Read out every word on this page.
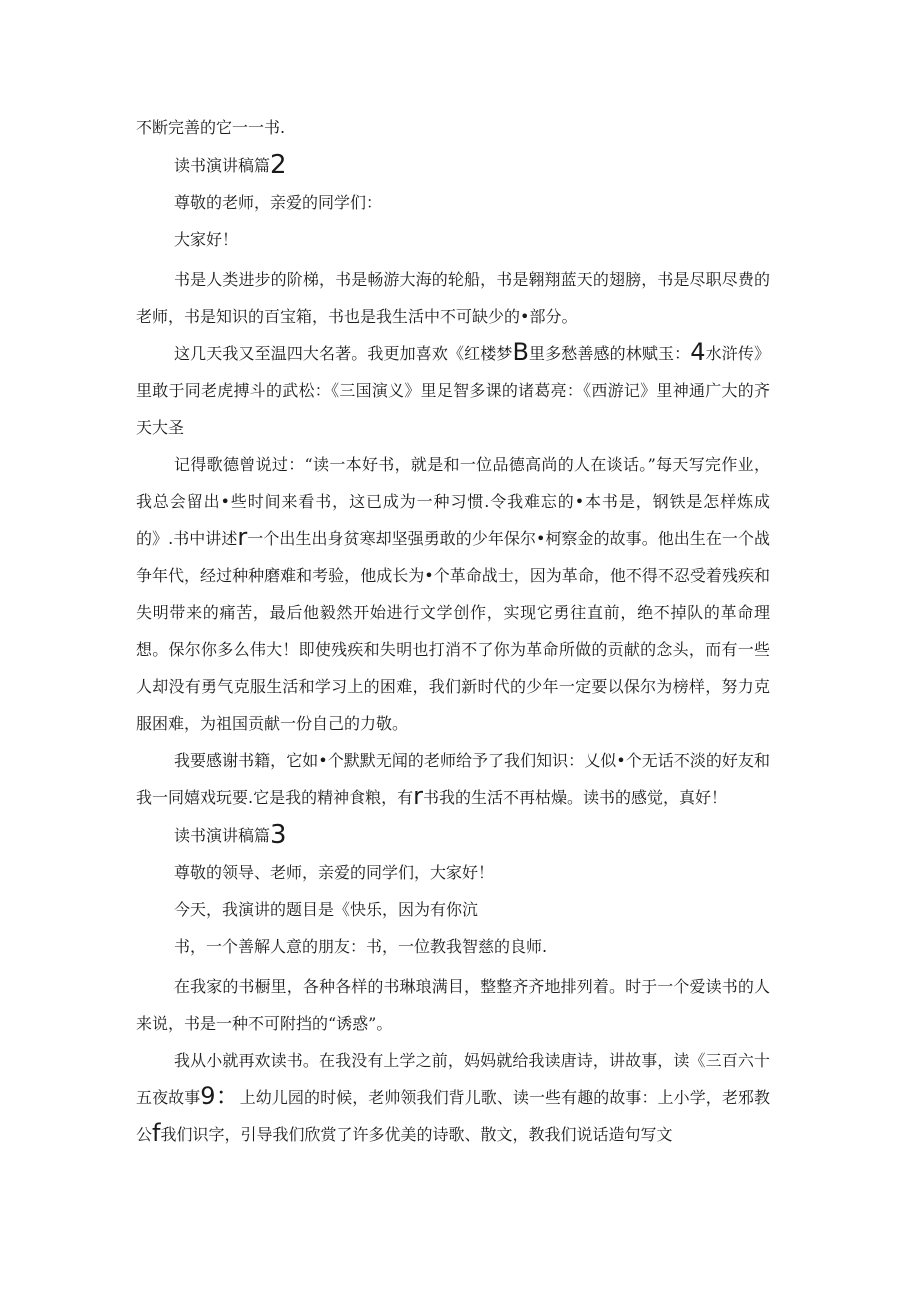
不断完善的它一一书.
读书演讲稿篇2
尊敬的老师，亲爱的同学们：
大家好！
书是人类进步的阶梯，书是畅游大海的轮船，书是翱翔蓝天的翅膀，书是尽职尽费的老师，书是知识的百宝箱，书也是我生活中不可缺少的•部分。
这几天我又至温四大名著。我更加喜欢《红楼梦B里多愁善感的林赋玉：4水浒传》里敢于同老虎搏斗的武松：《三国演义》里足智多课的诸葛亮：《西游记》里神通广大的齐天大圣
记得歌德曾说过：“读一本好书，就是和一位品德高尚的人在谈话。”每天写完作业，我总会留出•些时间来看书，这已成为一种习惯.令我难忘的•本书是，钢铁是怎样炼成的》.书中讲述r一个出生出身贫寒却坚强勇敢的少年保尔•柯察金的故事。他出生在一个战争年代，经过种种磨难和考验，他成长为•个革命战士，因为革命，他不得不忍受着残疾和失明带来的痛苦，最后他毅然开始进行文学创作，实现它勇往直前，绝不掉队的革命理想。保尔你多么伟大！即使残疾和失明也打消不了你为革命所做的贡献的念头，而有一些人却没有勇气克服生活和学习上的困难，我们新时代的少年一定要以保尔为榜样，努力克服困难，为祖国贡献一份自己的力敬。
我要感谢书籍，它如•个默默无闻的老师给予了我们知识：乂似•个无话不淡的好友和我一同嬉戏玩要.它是我的精神食粮，有r书我的生活不再枯燥。读书的感觉，真好！
读书演讲稿篇3
尊敬的领导、老师，亲爱的同学们，大家好！
今天，我演讲的题目是《快乐，因为有你沆
书，一个善解人意的朋友：书，一位教我智慈的良师.
在我家的书橱里，各种各样的书琳琅满目，整整齐齐地排列着。时于一个爱读书的人来说，书是一种不可附挡的“诱惑”。
我从小就再欢读书。在我没有上学之前，妈妈就给我读唐诗，讲故事，读《三百六十五夜故事9：上幼儿园的时候，老帅领我们背儿歌、读一些有趣的故事：上小学，老邪教公f我们识字，引导我们欣赏了许多优美的诗歌、散文，教我们说话造句写文
